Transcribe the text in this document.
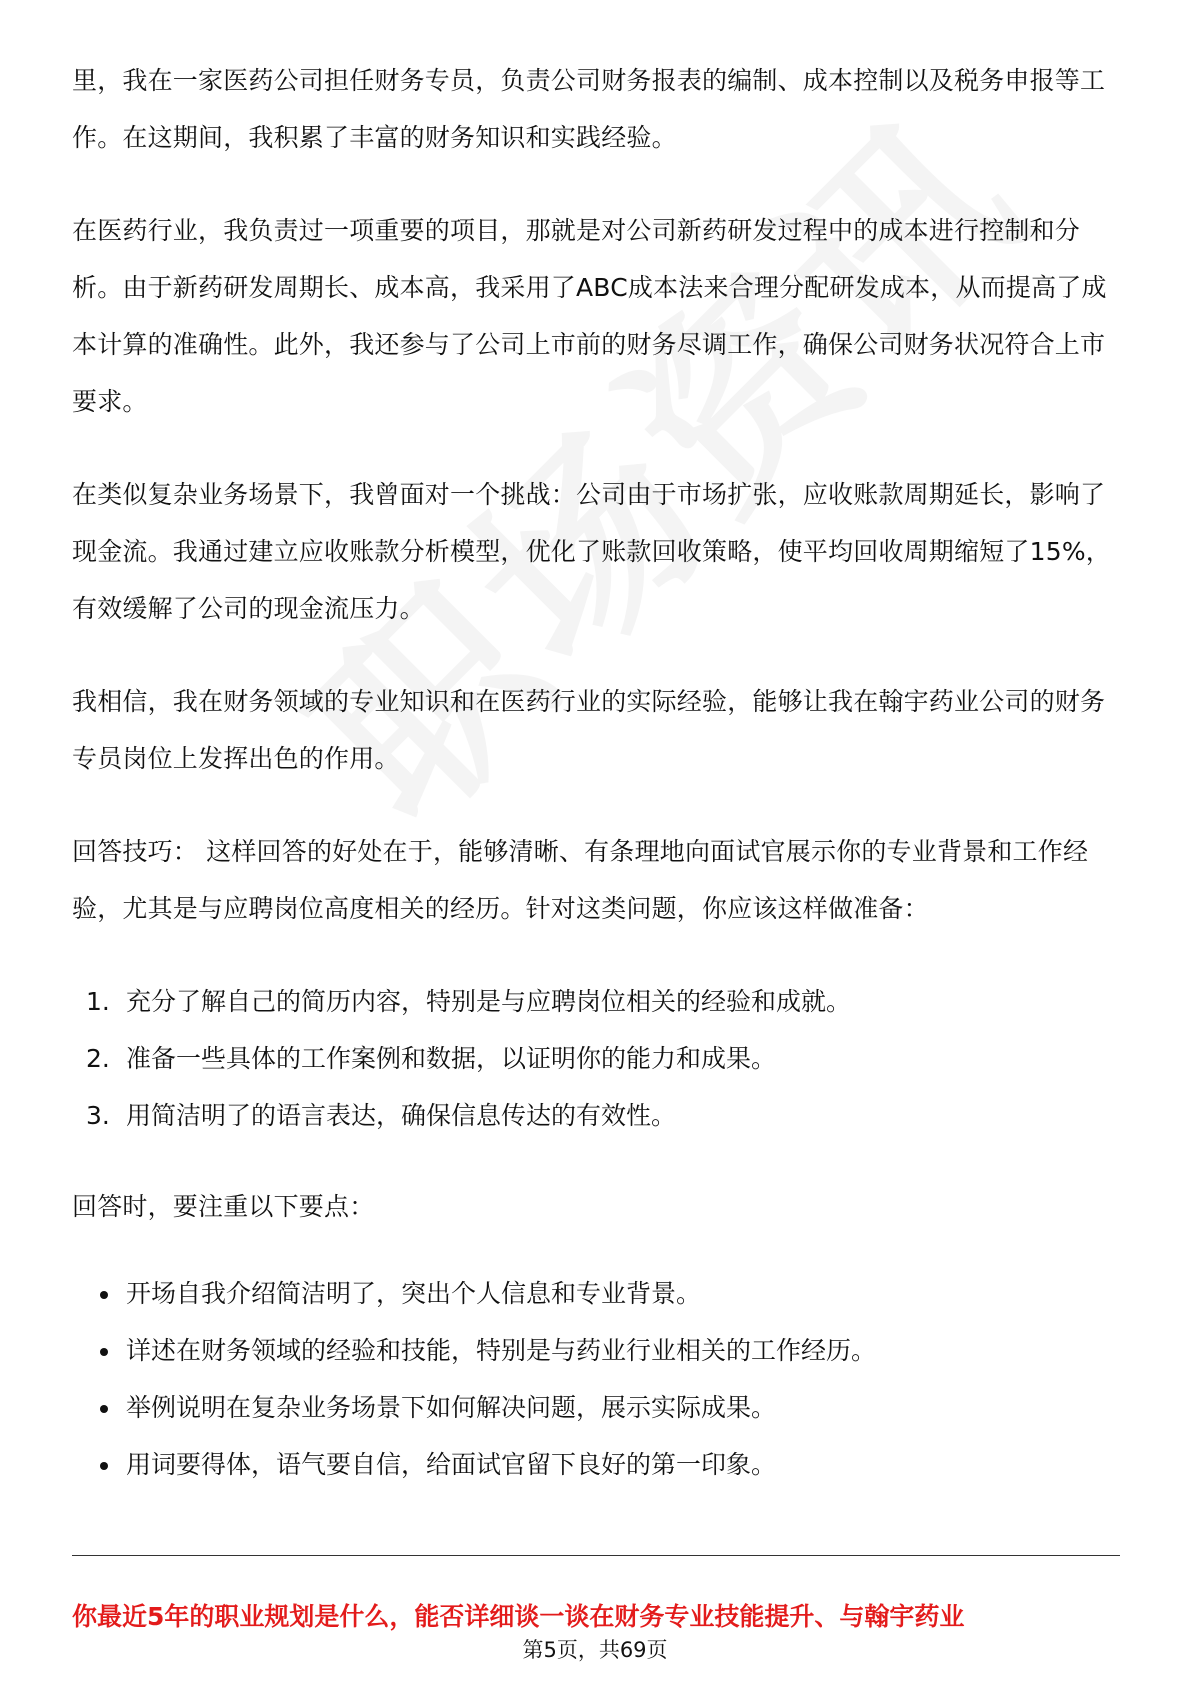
里，我在一家医药公司担任财务专员，负责公司财务报表的编制、成本控制以及税务申报等工作。在这期间，我积累了丰富的财务知识和实践经验。

在医药行业，我负责过一项重要的项目，那就是对公司新药研发过程中的成本进行控制和分析。由于新药研发周期长、成本高，我采用了ABC成本法来合理分配研发成本，从而提高了成本计算的准确性。此外，我还参与了公司上市前的财务尽调工作，确保公司财务状况符合上市要求。

在类似复杂业务场景下，我曾面对一个挑战：公司由于市场扩张，应收账款周期延长，影响了现金流。我通过建立应收账款分析模型，优化了账款回收策略，使平均回收周期缩短了15%，有效缓解了公司的现金流压力。

我相信，我在财务领域的专业知识和在医药行业的实际经验，能够让我在翰宇药业公司的财务专员岗位上发挥出色的作用。

回答技巧： 这样回答的好处在于，能够清晰、有条理地向面试官展示你的专业背景和工作经验，尤其是与应聘岗位高度相关的经历。针对这类问题，你应该这样做准备：

1. 充分了解自己的简历内容，特别是与应聘岗位相关的经验和成就。
2. 准备一些具体的工作案例和数据，以证明你的能力和成果。
3. 用简洁明了的语言表达，确保信息传达的有效性。

回答时，要注重以下要点：

开场自我介绍简洁明了，突出个人信息和专业背景。
详述在财务领域的经验和技能，特别是与药业行业相关的工作经历。
举例说明在复杂业务场景下如何解决问题，展示实际成果。
用词要得体，语气要自信，给面试官留下良好的第一印象。
你最近5年的职业规划是什么，能否详细谈一谈在财务专业技能提升、与翰宇药业
第5页，共69页
